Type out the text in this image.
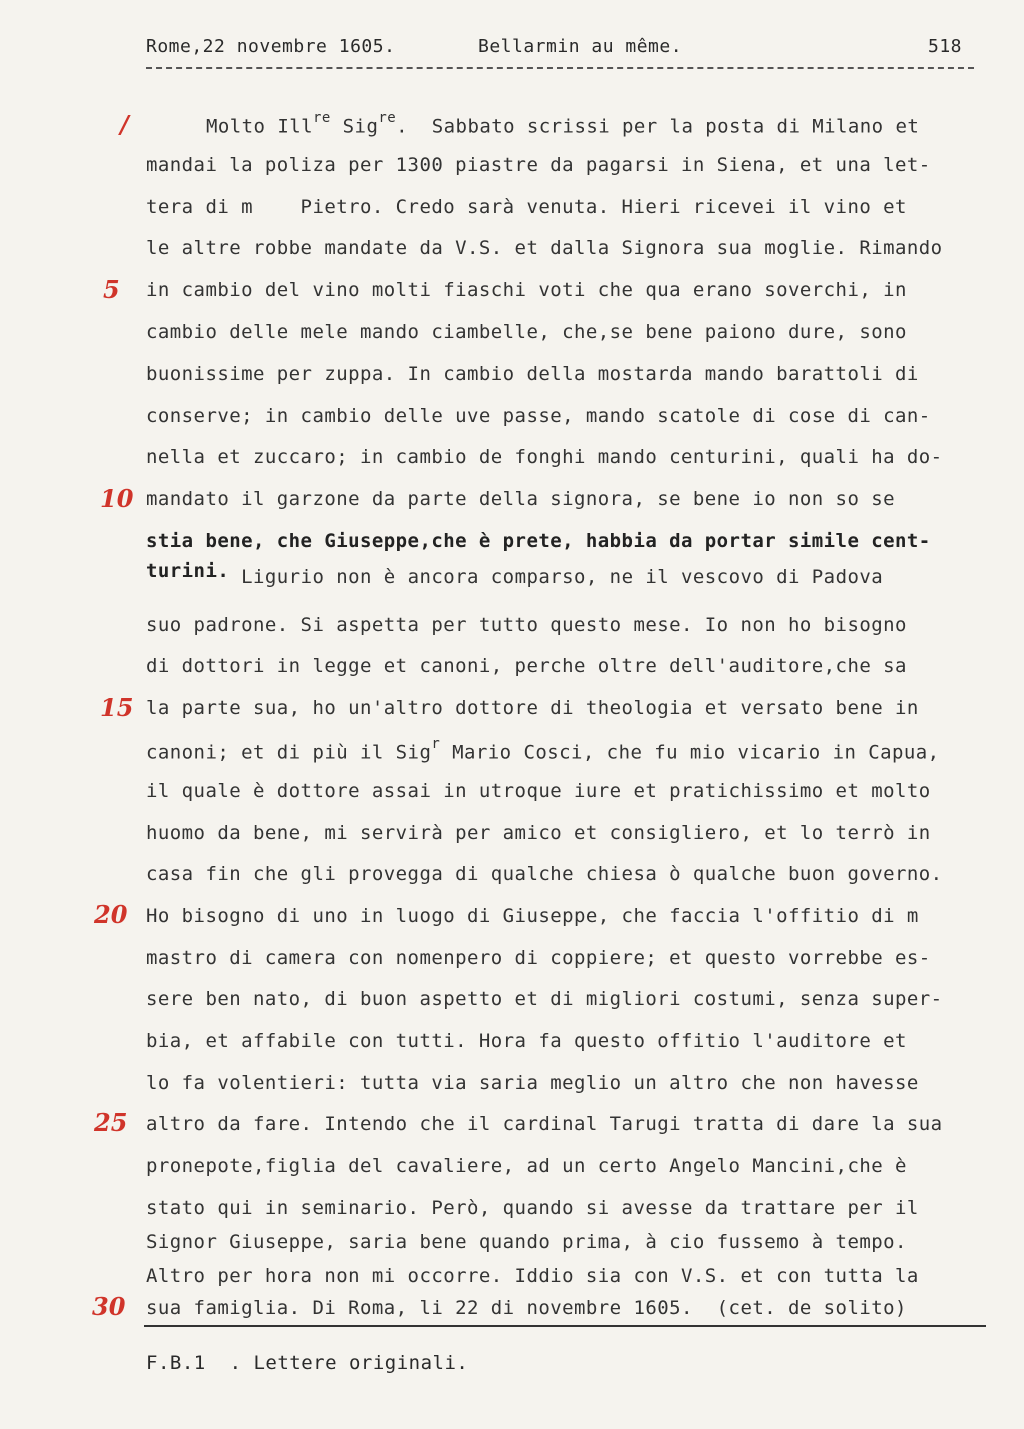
Rome,22 novembre 1605.	Bellarmin au même.	518
/
5
10
15
20
25
30
Molto Ill$^{re}$ Sig$^{re}$.  Sabbato scrissi per la posta di Milano et
mandai la poliza per 1300 piastre da pagarsi in Siena, et una let-
tera di m    Pietro. Credo sarà venuta. Hieri ricevei il vino et
le altre robbe mandate da V.S. et dalla Signora sua moglie. Rimando
in cambio del vino molti fiaschi voti che qua erano soverchi, in
cambio delle mele mando ciambelle, che,se bene paiono dure, sono
buonissime per zuppa. In cambio della mostarda mando barattoli di
conserve; in cambio delle uve passe, mando scatole di cose di can-
nella et zuccaro; in cambio de fonghi mando centurini, quali ha do-
mandato il garzone da parte della signora, se bene io non so se
stia bene, che Giuseppe,che è prete, habbia da portar simile cent-
turini. Ligurio non è ancora comparso, ne il vescovo di Padova
suo padrone. Si aspetta per tutto questo mese. Io non ho bisogno
di dottori in legge et canoni, perche oltre dell'auditore,che sa
la parte sua, ho un'altro dottore di theologia et versato bene in
canoni; et di più il Sig$^r$ Mario Cosci, che fu mio vicario in Capua,
il quale è dottore assai in utroque iure et pratichissimo et molto
huomo da bene, mi servirà per amico et consigliero, et lo terrò in
casa fin che gli provegga di qualche chiesa ò qualche buon governo.
Ho bisogno di uno in luogo di Giuseppe, che faccia l'offitio di m
mastro di camera con nomenpero di coppiere; et questo vorrebbe es-
sere ben nato, di buon aspetto et di migliori costumi, senza super-
bia, et affabile con tutti. Hora fa questo offitio l'auditore et
lo fa volentieri: tutta via saria meglio un altro che non havesse
altro da fare. Intendo che il cardinal Tarugi tratta di dare la sua
pronepote,figlia del cavaliere, ad un certo Angelo Mancini,che è
stato qui in seminario. Però, quando si avesse da trattare per il
Signor Giuseppe, saria bene quando prima, à cio fussemo à tempo.
Altro per hora non mi occorre. Iddio sia con V.S. et con tutta la
sua famiglia. Di Roma, li 22 di novembre 1605.  (cet. de solito)
F.B.1  . Lettere originali.
